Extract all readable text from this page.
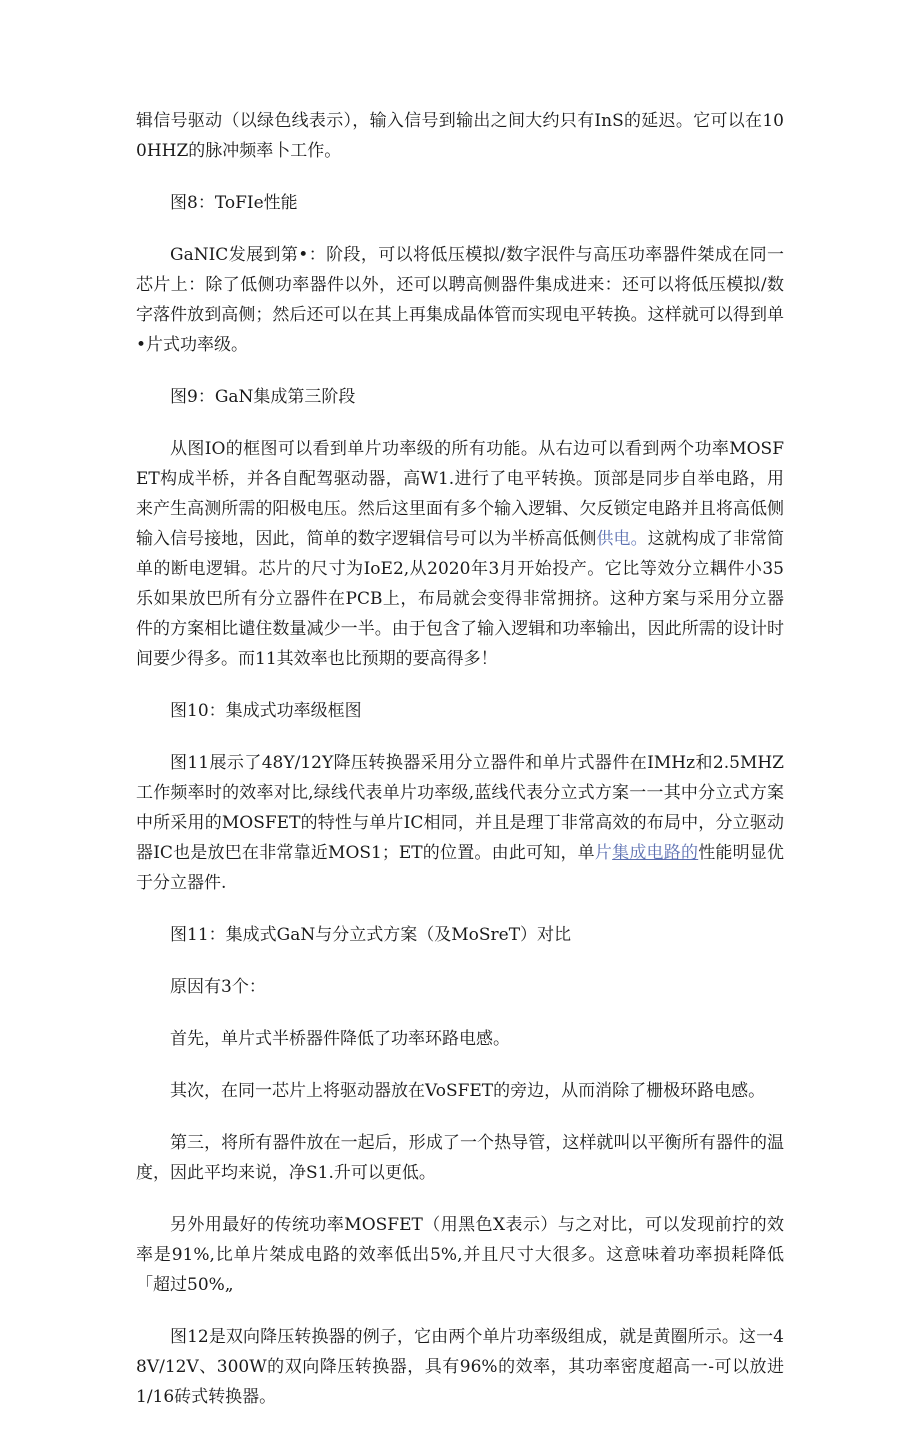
辑信号驱动（以绿色线表示），输入信号到输出之间大约只有InS的延迟。它可以在100HHZ的脉冲频率卜工作。

图8：ToFIe性能

GaNIC发展到第•：阶段，可以将低压模拟/数字泯件与高压功率器件桀成在同一芯片上：除了低侧功率器件以外，还可以聘高侧器件集成进来：还可以将低压模拟/数字落件放到高侧；然后还可以在其上再集成晶体管而实现电平转换。这样就可以得到单•片式功率级。

图9：GaN集成第三阶段

从图IO的框图可以看到单片功率级的所有功能。从右边可以看到两个功率MOSFET构成半桥，并各自配驾驱动器，高W1.进行了电平转换。顶部是同步自举电路，用来产生高测所需的阳极电压。然后这里面有多个输入逻辑、欠反锁定电路并且将高低侧输入信号接地，因此，简单的数字逻辑信号可以为半桥高低侧供电。这就构成了非常简单的断电逻辑。芯片的尺寸为IoE2,从2020年3月开始投产。它比等效分立耦件小35乐如果放巴所有分立器件在PCB上，布局就会变得非常拥挤。这种方案与采用分立器件的方案相比谴住数量减少一半。由于包含了输入逻辑和功率输出，因此所需的设计时间要少得多。而11其效率也比预期的要高得多！

图10：集成式功率级框图

图11展示了48Y/12Y降压转换器采用分立器件和单片式器件在IMHz和2.5MHZ工作频率时的效率对比,绿线代表单片功率级,蓝线代表分立式方案一一其中分立式方案中所采用的MOSFET的特性与单片IC相同，并且是理丁非常高效的布局中，分立驱动器IC也是放巴在非常靠近MOS1；ET的位置。由此可知，单片集成电路的性能明显优于分立器件.

图11：集成式GaN与分立式方案（及MoSreT）对比

原因有3个：

首先，单片式半桥器件降低了功率环路电感。

其次，在同一芯片上将驱动器放在VoSFET的旁边，从而消除了栅极环路电感。

第三，将所有器件放在一起后，形成了一个热导管，这样就叫以平衡所有器件的温度，因此平均来说，净S1.升可以更低。

另外用最好的传统功率MOSFET（用黑色X表示）与之对比，可以发现前拧的效率是91%,比单片桀成电路的效率低出5%,并且尺寸大很多。这意味着功率损耗降低「超过50%„

图12是双向降压转换器的例子，它由两个单片功率级组成，就是黄圈所示。这一48V/12V、300W的双向降压转换器，具有96%的效率，其功率密度超高一-可以放进1/16砖式转换器。
